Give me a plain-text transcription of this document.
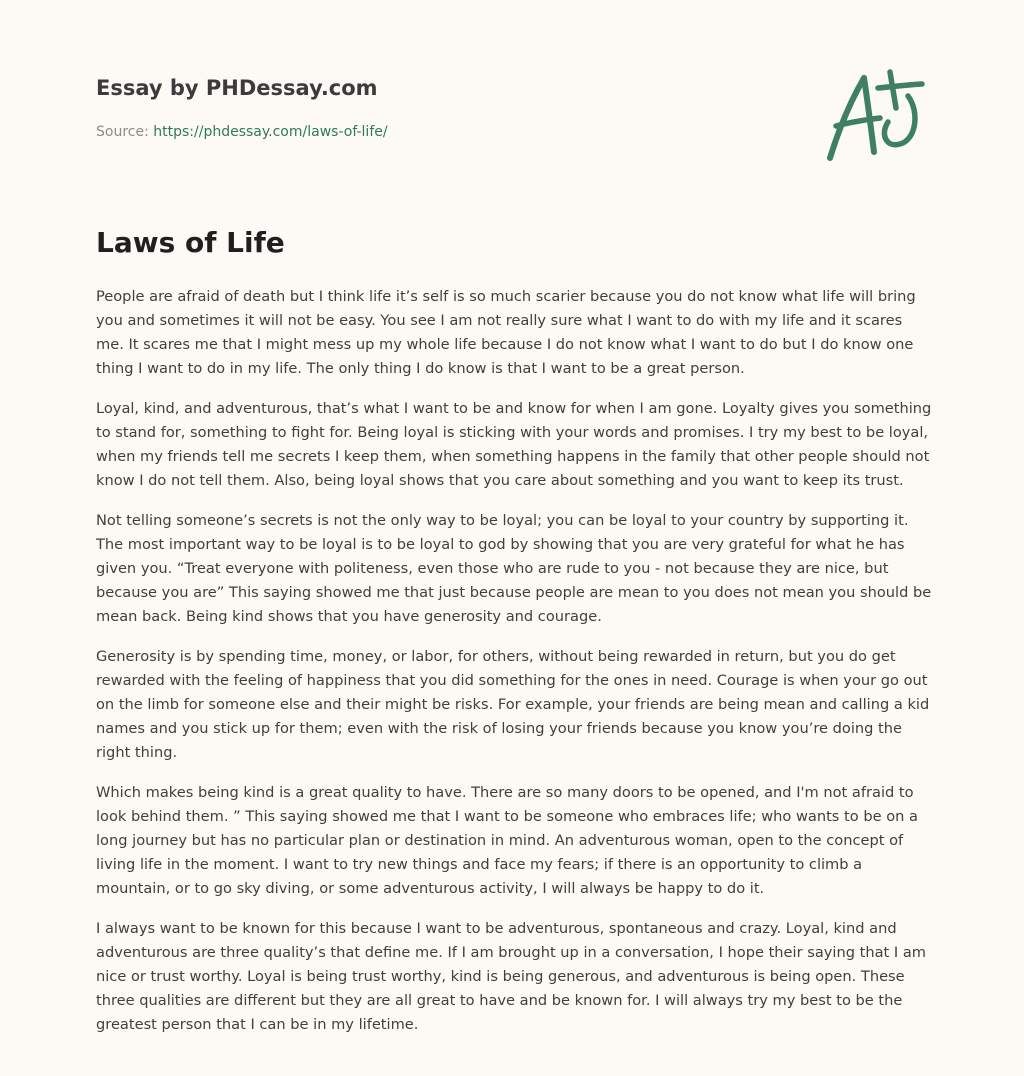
Essay by PHDessay.com
Source: https://phdessay.com/laws-of-life/
Laws of Life

People are afraid of death but I think life it’s self is so much scarier because you do not know what life will bring you and sometimes it will not be easy. You see I am not really sure what I want to do with my life and it scares me. It scares me that I might mess up my whole life because I do not know what I want to do but I do know one thing I want to do in my life. The only thing I do know is that I want to be a great person.

Loyal, kind, and adventurous, that’s what I want to be and know for when I am gone. Loyalty gives you something to stand for, something to fight for. Being loyal is sticking with your words and promises. I try my best to be loyal, when my friends tell me secrets I keep them, when something happens in the family that other people should not know I do not tell them. Also, being loyal shows that you care about something and you want to keep its trust.

Not telling someone’s secrets is not the only way to be loyal; you can be loyal to your country by supporting it. The most important way to be loyal is to be loyal to god by showing that you are very grateful for what he has given you. “Treat everyone with politeness, even those who are rude to you - not because they are nice, but because you are” This saying showed me that just because people are mean to you does not mean you should be mean back. Being kind shows that you have generosity and courage.

Generosity is by spending time, money, or labor, for others, without being rewarded in return, but you do get rewarded with the feeling of happiness that you did something for the ones in need. Courage is when your go out on the limb for someone else and their might be risks. For example, your friends are being mean and calling a kid names and you stick up for them; even with the risk of losing your friends because you know you’re doing the right thing.

Which makes being kind is a great quality to have. There are so many doors to be opened, and I'm not afraid to look behind them. ” This saying showed me that I want to be someone who embraces life; who wants to be on a long journey but has no particular plan or destination in mind. An adventurous woman, open to the concept of living life in the moment. I want to try new things and face my fears; if there is an opportunity to climb a mountain, or to go sky diving, or some adventurous activity, I will always be happy to do it.

I always want to be known for this because I want to be adventurous, spontaneous and crazy. Loyal, kind and adventurous are three quality’s that define me. If I am brought up in a conversation, I hope their saying that I am nice or trust worthy. Loyal is being trust worthy, kind is being generous, and adventurous is being open. These three qualities are different but they are all great to have and be known for. I will always try my best to be the greatest person that I can be in my lifetime.
